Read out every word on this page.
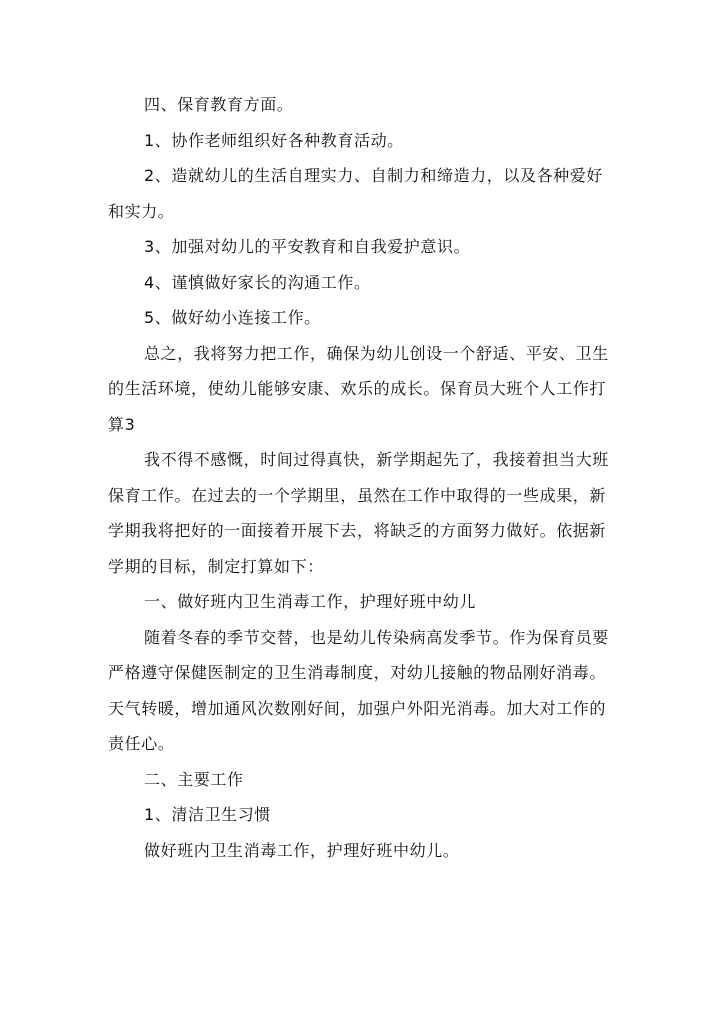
四、保育教育方面。

1、协作老师组织好各种教育活动。

2、造就幼儿的生活自理实力、自制力和缔造力，以及各种爱好

和实力。

3、加强对幼儿的平安教育和自我爱护意识。

4、谨慎做好家长的沟通工作。

5、做好幼小连接工作。

总之，我将努力把工作，确保为幼儿创设一个舒适、平安、卫生

的生活环境，使幼儿能够安康、欢乐的成长。保育员大班个人工作打

算3

我不得不感慨，时间过得真快，新学期起先了，我接着担当大班

保育工作。在过去的一个学期里，虽然在工作中取得的一些成果，新

学期我将把好的一面接着开展下去，将缺乏的方面努力做好。依据新

学期的目标，制定打算如下：

一、做好班内卫生消毒工作，护理好班中幼儿

随着冬春的季节交替，也是幼儿传染病高发季节。作为保育员要

严格遵守保健医制定的卫生消毒制度，对幼儿接触的物品刚好消毒。

天气转暖，增加通风次数刚好间，加强户外阳光消毒。加大对工作的

责任心。

二、主要工作

1、清洁卫生习惯

做好班内卫生消毒工作，护理好班中幼儿。
